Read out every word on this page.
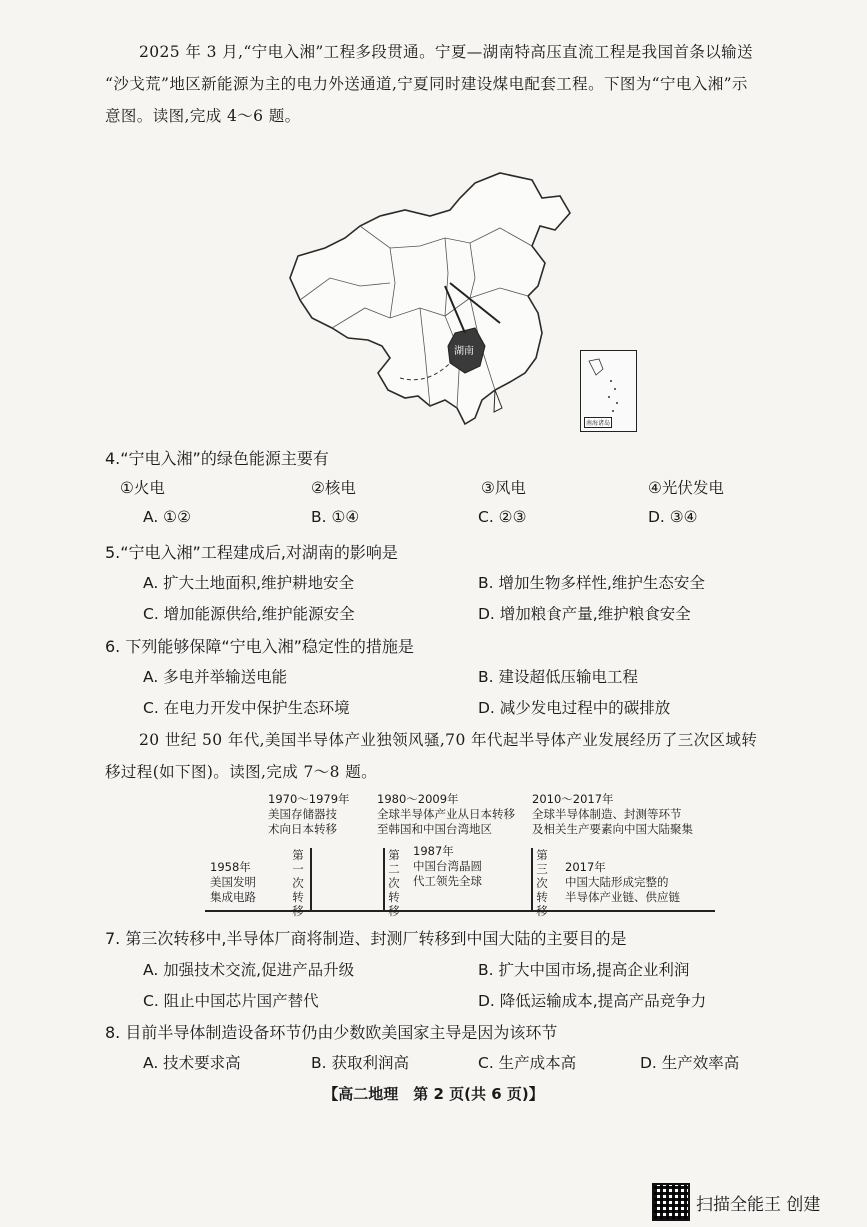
2025 年 3 月,“宁电入湘”工程多段贯通。宁夏—湖南特高压直流工程是我国首条以输送
“沙戈荒”地区新能源为主的电力外送通道,宁夏同时建设煤电配套工程。下图为“宁电入湘”示
意图。读图,完成 4～6 题。
湖南
南海诸岛
4.“宁电入湘”的绿色能源主要有
①火电	②核电	③风电	④光伏发电
A. ①②	B. ①④	C. ②③	D. ③④
5.“宁电入湘”工程建成后,对湖南的影响是
A. 扩大土地面积,维护耕地安全	B. 增加生物多样性,维护生态安全
C. 增加能源供给,维护能源安全	D. 增加粮食产量,维护粮食安全
6. 下列能够保障“宁电入湘”稳定性的措施是
A. 多电并举输送电能	B. 建设超低压输电工程
C. 在电力开发中保护生态环境	D. 减少发电过程中的碳排放
20 世纪 50 年代,美国半导体产业独领风骚,70 年代起半导体产业发展经历了三次区域转
移过程(如下图)。读图,完成 7～8 题。
1970～1979年
美国存储器技
术向日本转移
1980～2009年
全球半导体产业从日本转移
至韩国和中国台湾地区
2010～2017年
全球半导体制造、封测等环节
及相关生产要素向中国大陆聚集
1958年
美国发明
集成电路
1987年
中国台湾晶圆
代工领先全球
2017年
中国大陆形成完整的
半导体产业链、供应链
第
一
次
转
移
第
二
次
转
移
第
三
次
转
移
7. 第三次转移中,半导体厂商将制造、封测厂转移到中国大陆的主要目的是
A. 加强技术交流,促进产品升级	B. 扩大中国市场,提高企业利润
C. 阻止中国芯片国产替代	D. 降低运输成本,提高产品竞争力
8. 目前半导体制造设备环节仍由少数欧美国家主导是因为该环节
A. 技术要求高	B. 获取利润高	C. 生产成本高	D. 生产效率高
【高二地理　第 2 页(共 6 页)】
扫描全能王 创建
